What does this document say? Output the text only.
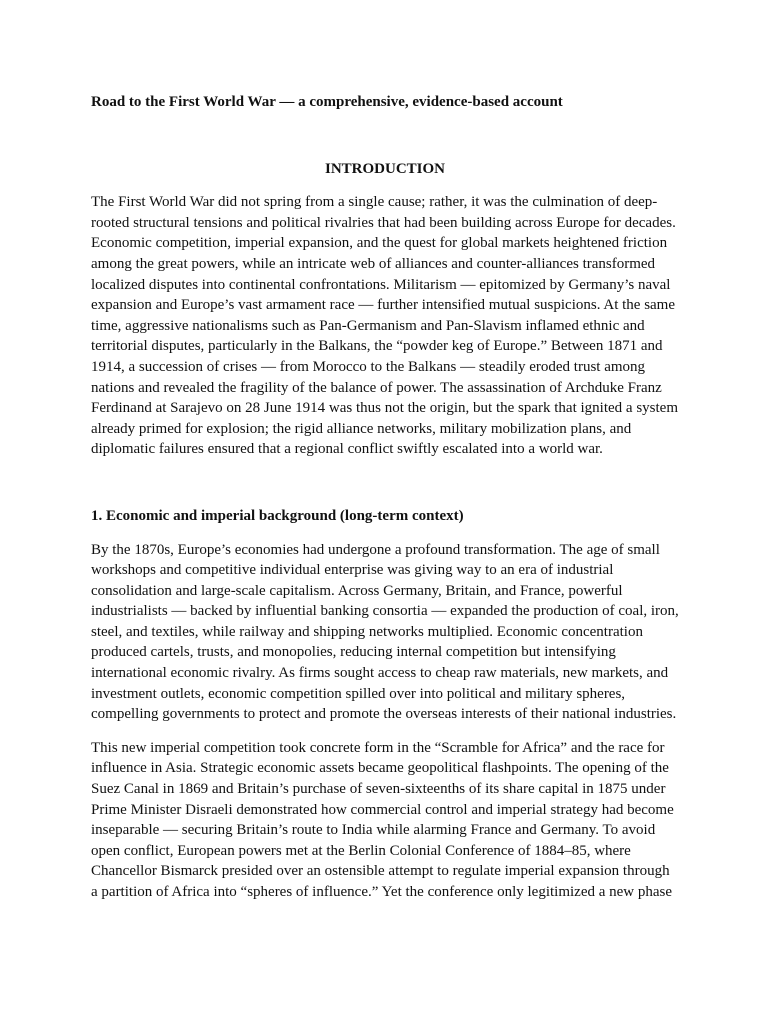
Road to the First World War — a comprehensive, evidence-based account

INTRODUCTION

The First World War did not spring from a single cause; rather, it was the culmination of deep-rooted structural tensions and political rivalries that had been building across Europe for decades. Economic competition, imperial expansion, and the quest for global markets heightened friction among the great powers, while an intricate web of alliances and counter-alliances transformed localized disputes into continental confrontations. Militarism — epitomized by Germany’s naval expansion and Europe’s vast armament race — further intensified mutual suspicions. At the same time, aggressive nationalisms such as Pan-Germanism and Pan-Slavism inflamed ethnic and territorial disputes, particularly in the Balkans, the “powder keg of Europe.” Between 1871 and 1914, a succession of crises — from Morocco to the Balkans — steadily eroded trust among nations and revealed the fragility of the balance of power. The assassination of Archduke Franz Ferdinand at Sarajevo on 28 June 1914 was thus not the origin, but the spark that ignited a system already primed for explosion; the rigid alliance networks, military mobilization plans, and diplomatic failures ensured that a regional conflict swiftly escalated into a world war.

1. Economic and imperial background (long-term context)

By the 1870s, Europe’s economies had undergone a profound transformation. The age of small workshops and competitive individual enterprise was giving way to an era of industrial consolidation and large-scale capitalism. Across Germany, Britain, and France, powerful industrialists — backed by influential banking consortia — expanded the production of coal, iron, steel, and textiles, while railway and shipping networks multiplied. Economic concentration produced cartels, trusts, and monopolies, reducing internal competition but intensifying international economic rivalry. As firms sought access to cheap raw materials, new markets, and investment outlets, economic competition spilled over into political and military spheres, compelling governments to protect and promote the overseas interests of their national industries.

This new imperial competition took concrete form in the “Scramble for Africa” and the race for influence in Asia. Strategic economic assets became geopolitical flashpoints. The opening of the Suez Canal in 1869 and Britain’s purchase of seven-sixteenths of its share capital in 1875 under Prime Minister Disraeli demonstrated how commercial control and imperial strategy had become inseparable — securing Britain’s route to India while alarming France and Germany. To avoid open conflict, European powers met at the Berlin Colonial Conference of 1884–85, where Chancellor Bismarck presided over an ostensible attempt to regulate imperial expansion through a partition of Africa into “spheres of influence.” Yet the conference only legitimized a new phase
